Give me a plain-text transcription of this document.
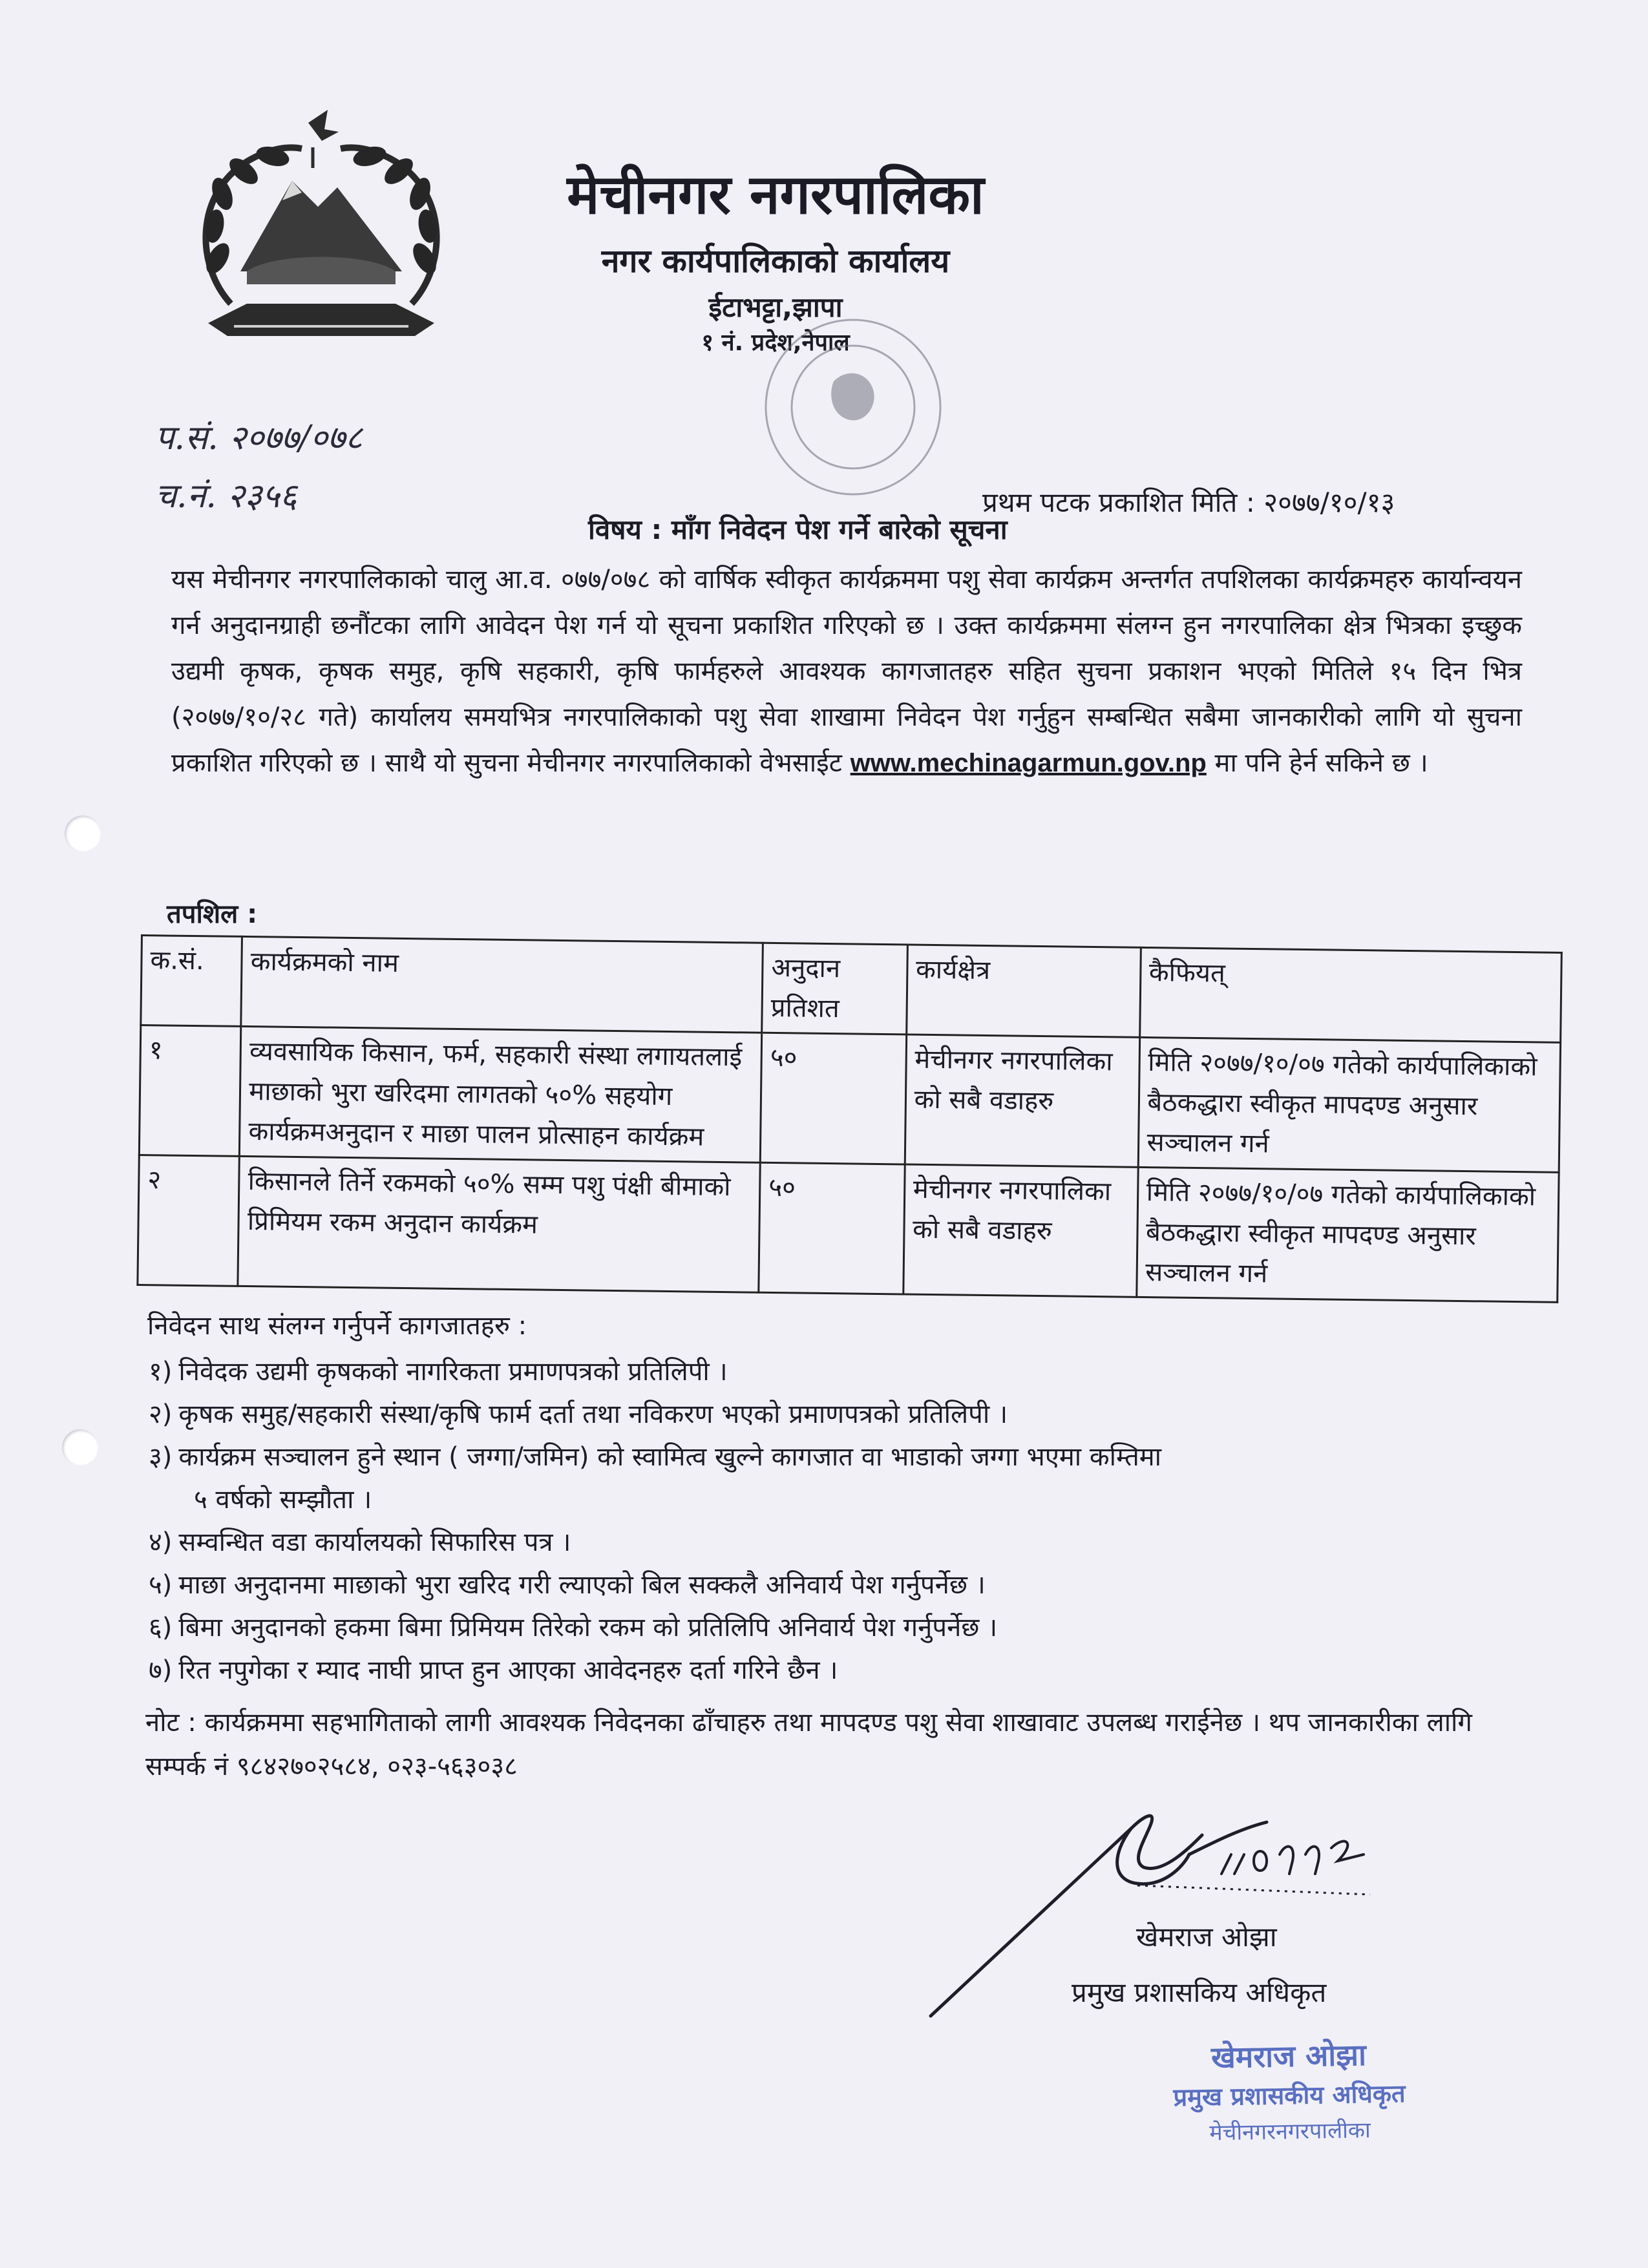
मेचीनगर नगरपालिका
नगर कार्यपालिकाको कार्यालय
ईटाभट्टा,झापा
१ नं. प्रदेश,नेपाल
प.सं. २०७७/०७८
च.नं. २३५६	प्रथम पटक प्रकाशित मिति : २०७७/१०/१३
विषय : माँग निवेदन पेश गर्ने बारेको सूचना

यस मेचीनगर नगरपालिकाको चालु आ.व. ०७७/०७८ को वार्षिक स्वीकृत कार्यक्रममा पशु सेवा कार्यक्रम अन्तर्गत तपशिलका कार्यक्रमहरु कार्यान्वयन गर्न अनुदानग्राही छनौंटका लागि आवेदन पेश गर्न यो सूचना प्रकाशित गरिएको छ । उक्त कार्यक्रममा संलग्न हुन नगरपालिका क्षेत्र भित्रका इच्छुक उद्यमी कृषक, कृषक समुह, कृषि सहकारी, कृषि फार्महरुले आवश्यक कागजातहरु सहित सुचना प्रकाशन भएको मितिले १५ दिन भित्र (२०७७/१०/२८ गते) कार्यालय समयभित्र नगरपालिकाको पशु सेवा शाखामा निवेदन पेश गर्नुहुन सम्बन्धित सबैमा जानकारीको लागि यो सुचना प्रकाशित गरिएको छ । साथै यो सुचना मेचीनगर नगरपालिकाको वेभसाईट www.mechinagarmun.gov.np मा पनि हेर्न सकिने छ ।

तपशिल :
क.सं.	कार्यक्रमको नाम	अनुदान प्रतिशत	कार्यक्षेत्र	कैफियत्
१	व्यवसायिक किसान, फर्म, सहकारी संस्था लगायतलाई माछाको भुरा खरिदमा लागतको ५०% सहयोग कार्यक्रमअनुदान र माछा पालन प्रोत्साहन कार्यक्रम	५०	मेचीनगर नगरपालिका को सबै वडाहरु	मिति २०७७/१०/०७ गतेको कार्यपालिकाको बैठकद्धारा स्वीकृत मापदण्ड अनुसार सञ्चालन गर्न
२	किसानले तिर्ने रकमको ५०% सम्म पशु पंक्षी बीमाको प्रिमियम रकम अनुदान कार्यक्रम	५०	मेचीनगर नगरपालिका को सबै वडाहरु	मिति २०७७/१०/०७ गतेको कार्यपालिकाको बैठकद्धारा स्वीकृत मापदण्ड अनुसार सञ्चालन गर्न
निवेदन साथ संलग्न गर्नुपर्ने कागजातहरु :
१) निवेदक उद्यमी कृषकको नागरिकता प्रमाणपत्रको प्रतिलिपी ।
२) कृषक समुह/सहकारी संस्था/कृषि फार्म दर्ता तथा नविकरण भएको प्रमाणपत्रको प्रतिलिपी ।
३) कार्यक्रम सञ्चालन हुने स्थान ( जग्गा/जमिन) को स्वामित्व खुल्ने कागजात वा भाडाको जग्गा भएमा कम्तिमा
५ वर्षको सम्झौता ।
४) सम्वन्धित वडा कार्यालयको सिफारिस पत्र ।
५) माछा अनुदानमा माछाको भुरा खरिद गरी ल्याएको बिल सक्कलै अनिवार्य पेश गर्नुपर्नेछ ।
६) बिमा अनुदानको हकमा बिमा प्रिमियम तिरेको रकम को प्रतिलिपि अनिवार्य पेश गर्नुपर्नेछ ।
७) रित नपुगेका र म्याद नाघी प्राप्त हुन आएका आवेदनहरु दर्ता गरिने छैन ।

नोट : कार्यक्रममा सहभागिताको लागी आवश्यक निवेदनका ढाँचाहरु तथा मापदण्ड पशु सेवा शाखावाट उपलब्ध गराईनेछ । थप जानकारीका लागि सम्पर्क नं ९८४२७०२५८४, ०२३-५६३०३८

खेमराज ओझा
प्रमुख प्रशासकिय अधिकृत
खेमराज ओझा
प्रमुख प्रशासकीय अधिकृत
मेचीनगरनगरपालीका
